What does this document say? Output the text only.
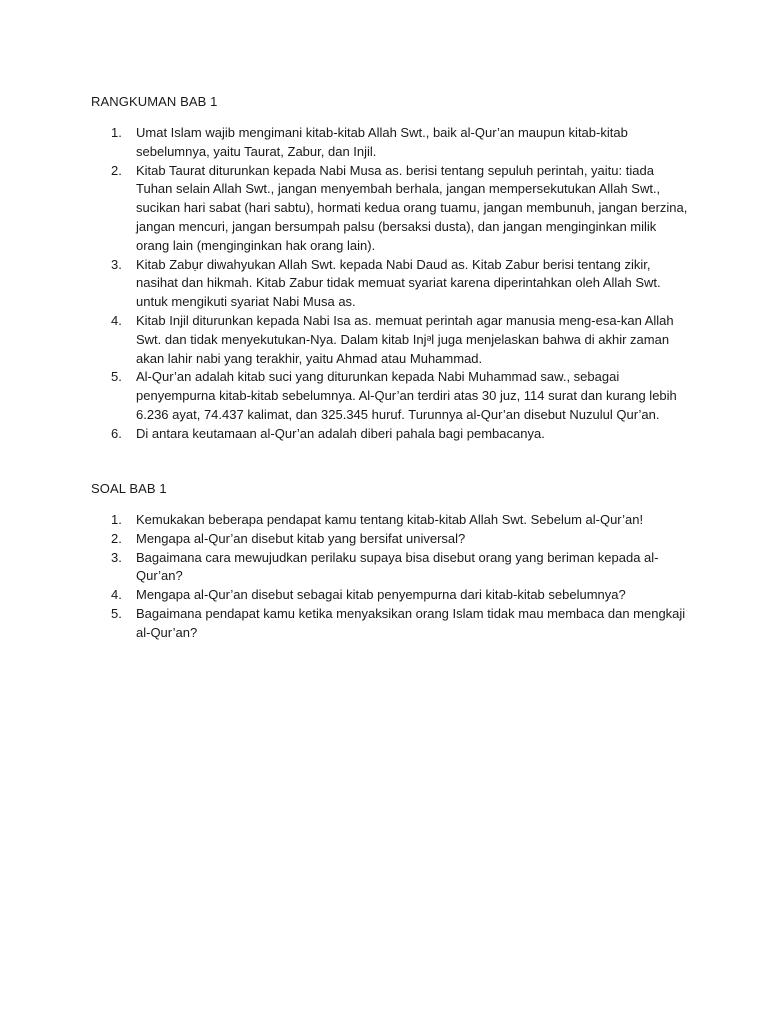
RANGKUMAN BAB 1
1.	Umat Islam wajib mengimani kitab-kitab Allah Swt., baik al-Qur’an maupun kitab-kitab sebelumnya, yaitu Taurat, Zabur, dan Injil.
2.	Kitab Taurat diturunkan kepada Nabi Musa as. berisi tentang sepuluh perintah, yaitu: tiada Tuhan selain Allah Swt., jangan menyembah berhala, jangan mempersekutukan Allah Swt., sucikan hari sabat (hari sabtu), hormati kedua orang tuamu, jangan membunuh, jangan berzina, jangan mencuri, jangan bersumpah palsu (bersaksi dusta), dan jangan menginginkan milik orang lain (menginginkan hak orang lain).
3.	Kitab Zabụr diwahyukan Allah Swt. kepada Nabi Daud as. Kitab Zabur berisi tentang zikir, nasihat dan hikmah. Kitab Zabur tidak memuat syariat karena diperintahkan oleh Allah Swt. untuk mengikuti syariat Nabi Musa as.
4.	Kitab Injil diturunkan kepada Nabi Isa as. memuat perintah agar manusia meng-esa-kan Allah Swt. dan tidak menyekutukan-Nya. Dalam kitab Injᵊl juga menjelaskan bahwa di akhir zaman akan lahir nabi yang terakhir, yaitu Ahmad atau Muhammad.
5.	Al-Qur’an adalah kitab suci yang diturunkan kepada Nabi Muhammad saw., sebagai penyempurna kitab-kitab sebelumnya. Al-Qur’an terdiri atas 30 juz, 114 surat dan kurang lebih 6.236 ayat, 74.437 kalimat, dan 325.345 huruf. Turunnya al-Qur’an disebut Nuzulul Qur’an.
6.	Di antara keutamaan al-Qur’an adalah diberi pahala bagi pembacanya.
SOAL BAB 1
1.	Kemukakan beberapa pendapat kamu tentang kitab-kitab Allah Swt. Sebelum al-Qur’an!
2.	Mengapa al-Qur’an disebut kitab yang bersifat universal?
3.	Bagaimana cara mewujudkan perilaku supaya bisa disebut orang yang beriman kepada al-Qur’an?
4.	Mengapa al-Qur’an disebut sebagai kitab penyempurna dari kitab-kitab sebelumnya?
5.	Bagaimana pendapat kamu ketika menyaksikan orang Islam tidak mau membaca dan mengkaji al-Qur’an?
